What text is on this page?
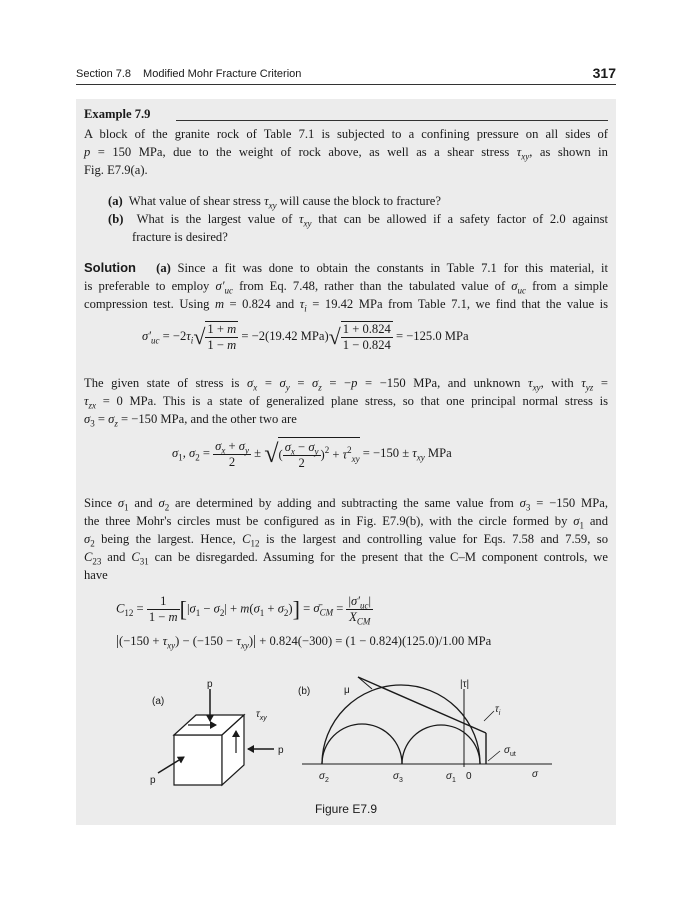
Section 7.8 Modified Mohr Fracture Criterion	317
Example 7.9
A block of the granite rock of Table 7.1 is subjected to a confining pressure on all sides of
p = 150 MPa, due to the weight of rock above, as well as a shear stress $\tau_{xy}$, as shown in
Fig. E7.9(a).
(a)  What value of shear stress $\tau_{xy}$ will cause the block to fracture?
(b)  What is the largest value of $\tau_{xy}$ that can be allowed if a safety factor of 2.0 against
fracture is desired?
Solution (a) Since a fit was done to obtain the constants in Table 7.1 for this material, it
is preferable to employ $\sigma'_{uc}$ from Eq. 7.48, rather than the tabulated value of $\sigma_{uc}$ from a simple
compression test. Using m = 0.824 and $\tau_i = 19.42$ MPa from Table 7.1, we find that the value is
$\sigma'_{uc} = -2\tau_i√ \frac{1 + m}{1 - m} = -2(19.42$ $MPa)√ \frac{1 + 0.824}{1 - 0.824} = -125.0$ MPa
The given state of stress is $\sigma_x = \sigma_y = \sigma_z = -p = -150$ MPa, and unknown $\tau_{xy}$, with $\tau_{yz}$ =
$\tau_{zx} = 0$ MPa. This is a state of generalized plane stress, so that one principal normal stress is
$\sigma_3 = \sigma_z = -150$ MPa, and the other two are
$\sigma_1$, $\sigma_2 = \frac{\sigma_x + \sigma_y}{2}$ ± √( $\frac{\sigma_x - \sigma_y}{2} )^2 + \tau^2_{xy} = -150 \pm \tau_{xy}$ MPa
Since $\sigma_1$ and $\sigma_2$ are determined by adding and subtracting the same value from $\sigma_3 = -150$ MPa,
the three Mohr's circles must be configured as in Fig. E7.9(b), with the circle formed by $\sigma_1$ and
$\sigma_2$ being the largest. Hence, $C_{12}$ is the largest and controlling value for Eqs. 7.58 and 7.59, so
$C_{23}$ and $C_{31}$ can be disregarded. Assuming for the present that the C–M component controls, we
have
$C_{12} = \frac{1}{1 - m} [|\sigma_1 - \sigma_2| + m(\sigma_1 + \sigma_2)]$ = $\sigmā_{CM} = \frac{|\sigma'_{uc}|}{X_{CM}}$
$|(-150 + \tau_{xy}) - (-150 - \tau_{xy})| + 0.824(-300) = (1 - 0.824)(125.0)/1.00$ MPa
(a)
p
p
p
$\tau_{xy}$
(b)	μ
|τ|
$\tau_i$
$\sigma_{ut}$
σ
$\sigma_2$	$\sigma_3$	$\sigma_1$ 0
Figure E7.9
